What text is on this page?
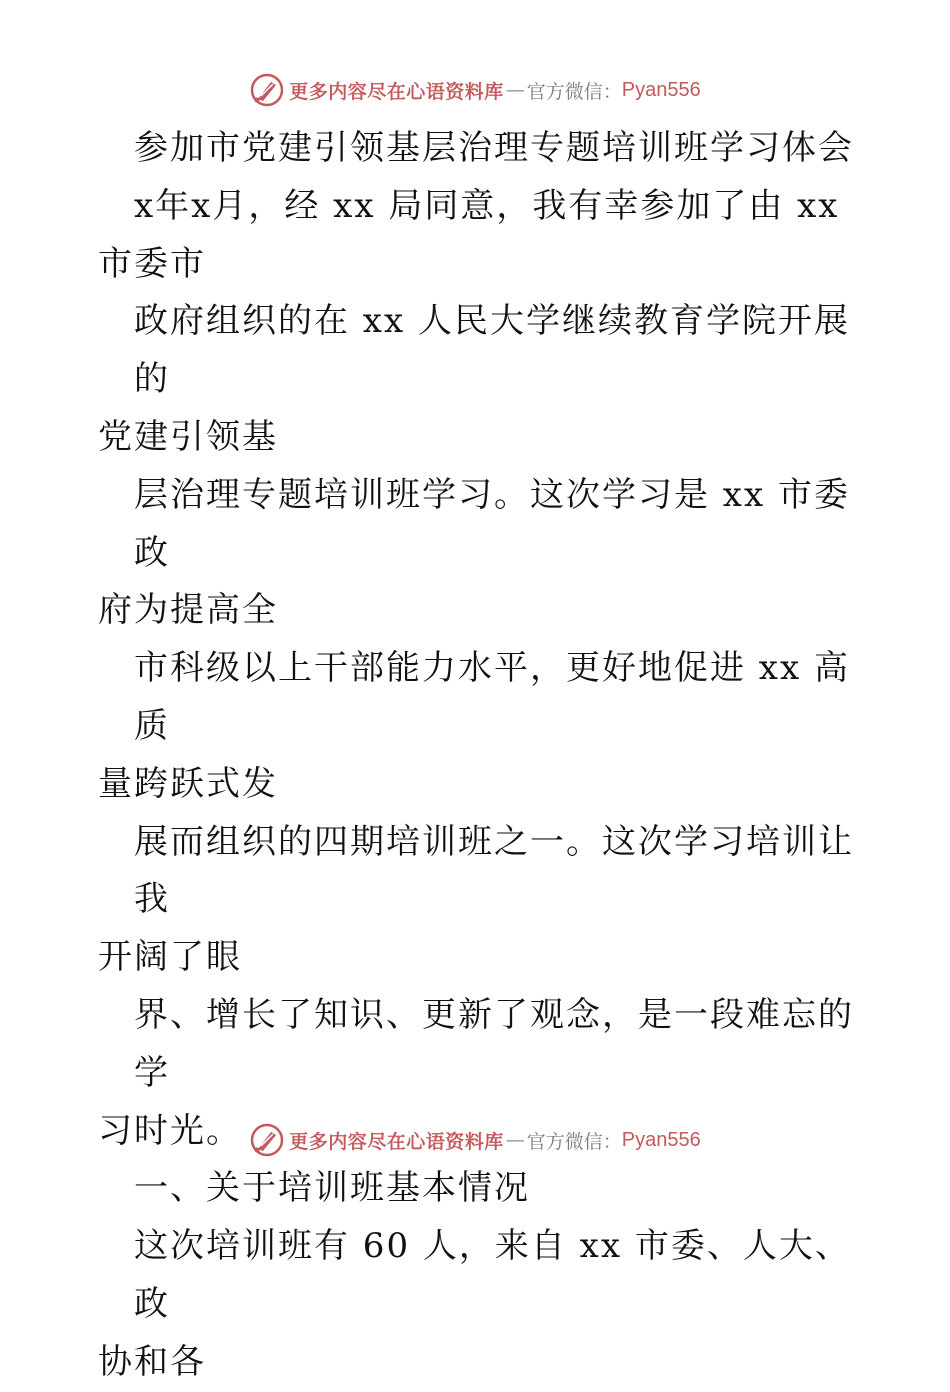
更多内容尽在心语资料库 — 官方微信： Pyan556

参加市党建引领基层治理专题培训班学习体会

x年x月，经 xx 局同意，我有幸参加了由 xx

市委市

政府组织的在 xx 人民大学继续教育学院开展的

党建引领基

层治理专题培训班学习。这次学习是 xx 市委政

府为提高全

市科级以上干部能力水平，更好地促进 xx 高质

量跨跃式发

展而组织的四期培训班之一。这次学习培训让我

开阔了眼

界、增长了知识、更新了观念，是一段难忘的学

习时光。

一、关于培训班基本情况

这次培训班有 60 人，来自 xx 市委、人大、政

协和各

更多内容尽在心语资料库 — 官方微信： Pyan556
